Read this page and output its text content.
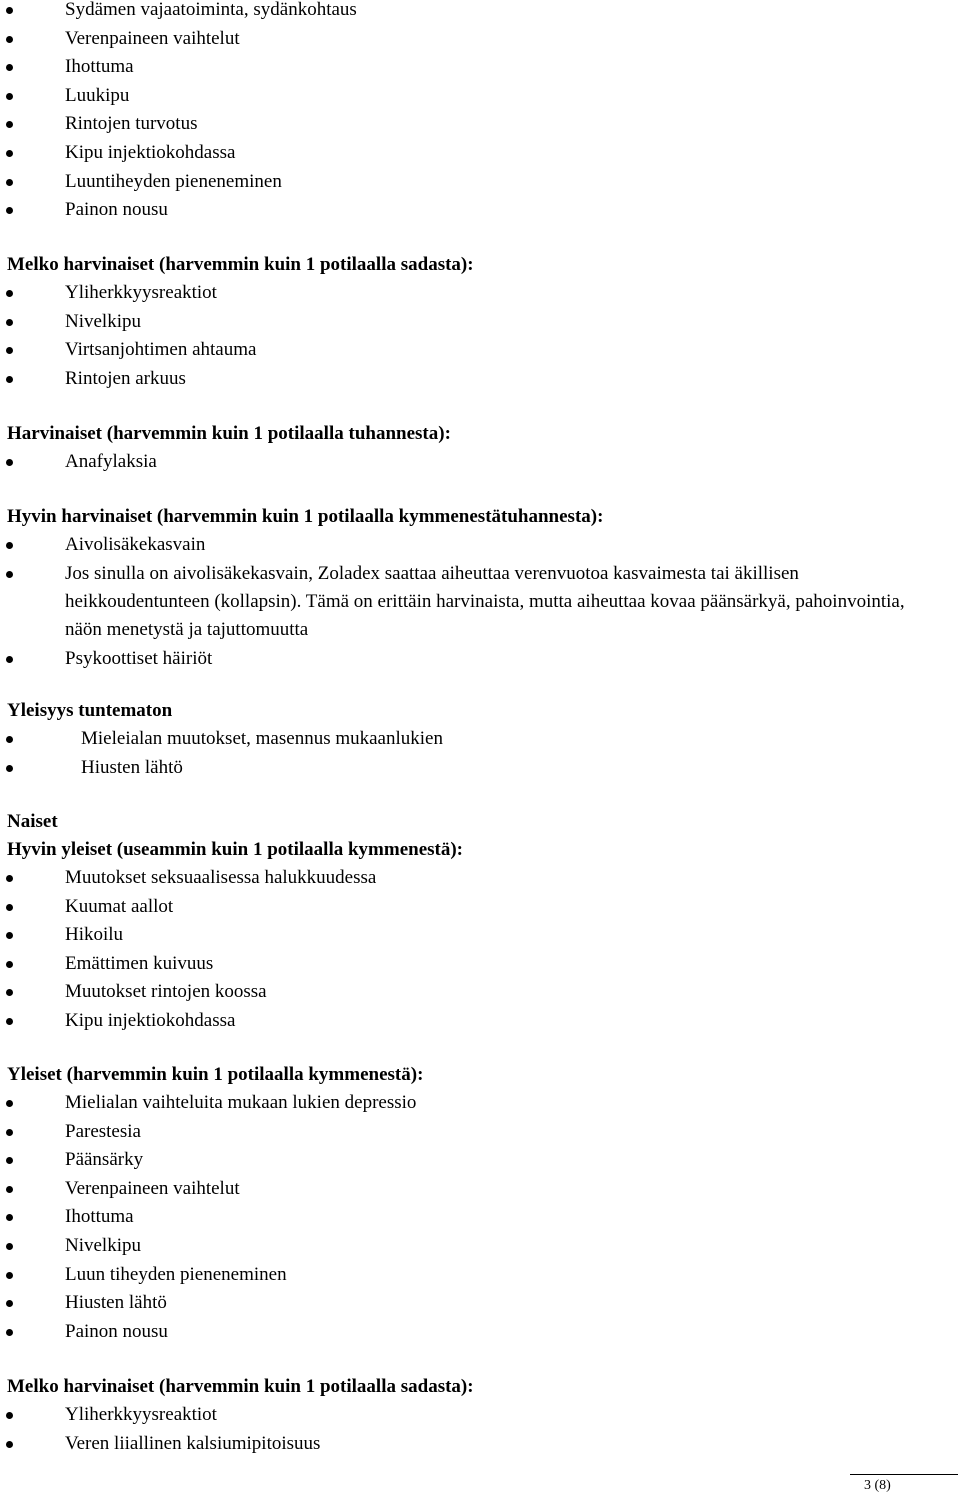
Sydämen vajaatoiminta, sydänkohtaus
Verenpaineen vaihtelut
Ihottuma
Luukipu
Rintojen turvotus
Kipu injektiokohdassa
Luuntiheyden pieneneminen
Painon nousu
Melko harvinaiset (harvemmin kuin 1 potilaalla sadasta):
Yliherkkyysreaktiot
Nivelkipu
Virtsanjohtimen ahtauma
Rintojen arkuus
Harvinaiset (harvemmin kuin 1 potilaalla tuhannesta):
Anafylaksia
Hyvin harvinaiset (harvemmin kuin 1 potilaalla kymmenestätuhannesta):
Aivolisäkekasvain
Jos sinulla on aivolisäkekasvain, Zoladex saattaa aiheuttaa verenvuotoa kasvaimesta tai äkillisen heikkoudentunteen (kollapsin). Tämä on erittäin harvinaista, mutta aiheuttaa kovaa päänsärkyä, pahoinvointia, näön menetystä ja tajuttomuutta
Psykoottiset häiriöt
Yleisyys tuntematon
Mieleialan muutokset, masennus mukaanlukien
Hiusten lähtö
Naiset
Hyvin yleiset (useammin kuin 1 potilaalla kymmenestä):
Muutokset seksuaalisessa halukkuudessa
Kuumat aallot
Hikoilu
Emättimen kuivuus
Muutokset rintojen koossa
Kipu injektiokohdassa
Yleiset (harvemmin kuin 1 potilaalla kymmenestä):
Mielialan vaihteluita mukaan lukien depressio
Parestesia
Päänsärky
Verenpaineen vaihtelut
Ihottuma
Nivelkipu
Luun tiheyden pieneneminen
Hiusten lähtö
Painon nousu
Melko harvinaiset (harvemmin kuin 1 potilaalla sadasta):
Yliherkkyysreaktiot
Veren liiallinen kalsiumipitoisuus
3 (8)
